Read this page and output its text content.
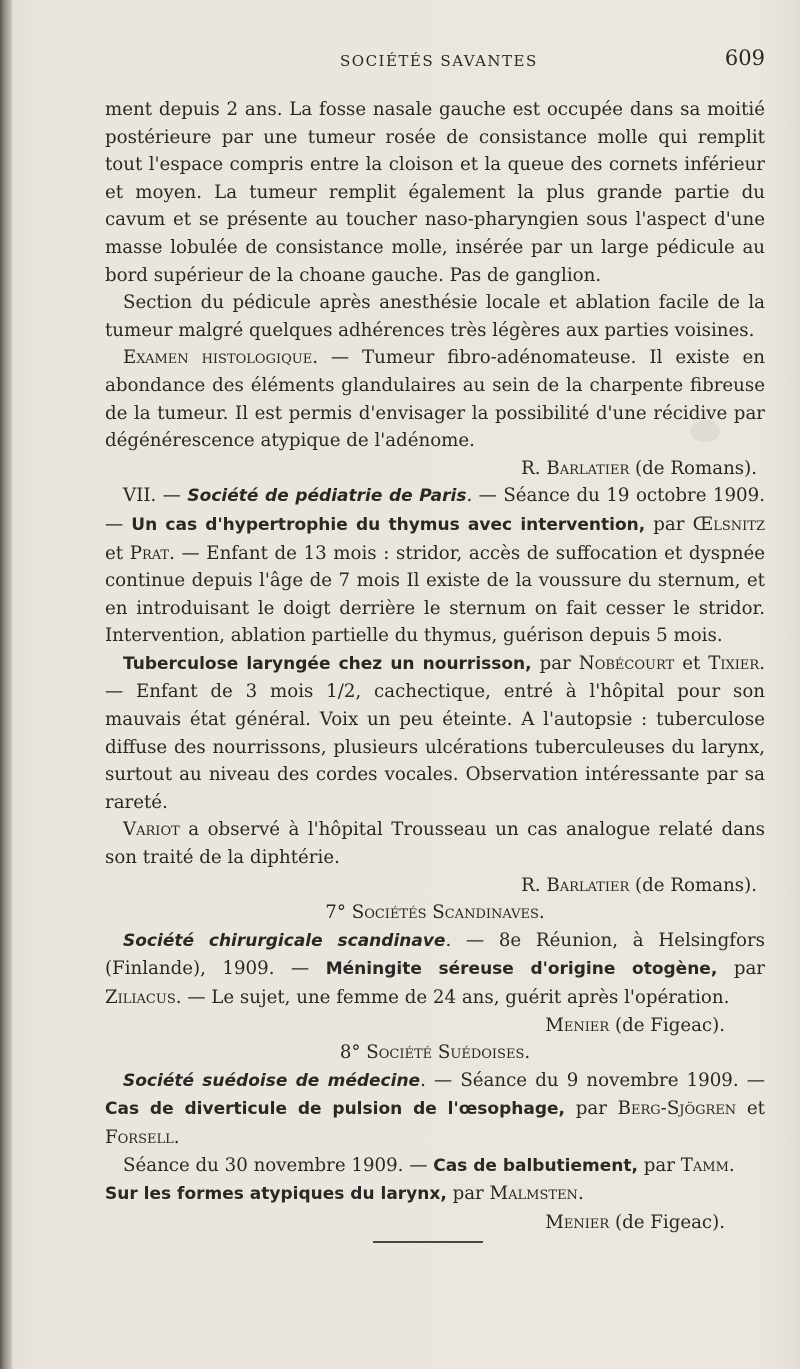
SOCIÉTÉS SAVANTES	609

ment depuis 2 ans. La fosse nasale gauche est occupée dans sa moitié postérieure par une tumeur rosée de consistance molle qui remplit tout l'espace compris entre la cloison et la queue des cornets inférieur et moyen. La tumeur remplit également la plus grande partie du cavum et se présente au toucher naso-pharyngien sous l'aspect d'une masse lobulée de consistance molle, insérée par un large pédicule au bord supérieur de la choane gauche. Pas de ganglion.

Section du pédicule après anesthésie locale et ablation facile de la tumeur malgré quelques adhérences très légères aux parties voisines.

Examen histologique. — Tumeur fibro-adénomateuse. Il existe en abondance des éléments glandulaires au sein de la charpente fibreuse de la tumeur. Il est permis d'envisager la possibilité d'une récidive par dégénérescence atypique de l'adénome.

R. Barlatier (de Romans).

VII. — Société de pédiatrie de Paris. — Séance du 19 octobre 1909. — Un cas d'hypertrophie du thymus avec intervention, par Œlsnitz et Prat. — Enfant de 13 mois : stridor, accès de suffocation et dyspnée continue depuis l'âge de 7 mois Il existe de la voussure du sternum, et en introduisant le doigt derrière le sternum on fait cesser le stridor. Intervention, ablation partielle du thymus, guérison depuis 5 mois.

Tuberculose laryngée chez un nourrisson, par Nobécourt et Tixier. — Enfant de 3 mois 1/2, cachectique, entré à l'hôpital pour son mauvais état général. Voix un peu éteinte. A l'autopsie : tuberculose diffuse des nourrissons, plusieurs ulcérations tuberculeuses du larynx, surtout au niveau des cordes vocales. Observation intéressante par sa rareté.

Variot a observé à l'hôpital Trousseau un cas analogue relaté dans son traité de la diphtérie.

R. Barlatier (de Romans).

7° Sociétés Scandinaves.

Société chirurgicale scandinave. — 8e Réunion, à Helsingfors (Finlande), 1909. — Méningite séreuse d'origine otogène, par Ziliacus. — Le sujet, une femme de 24 ans, guérit après l'opération.

Menier (de Figeac).

8° Société Suédoises.

Société suédoise de médecine. — Séance du 9 novembre 1909. — Cas de diverticule de pulsion de l'œsophage, par Berg-Sjögren et Forsell.

Séance du 30 novembre 1909. — Cas de balbutiement, par Tamm.

Sur les formes atypiques du larynx, par Malmsten.

Menier (de Figeac).
